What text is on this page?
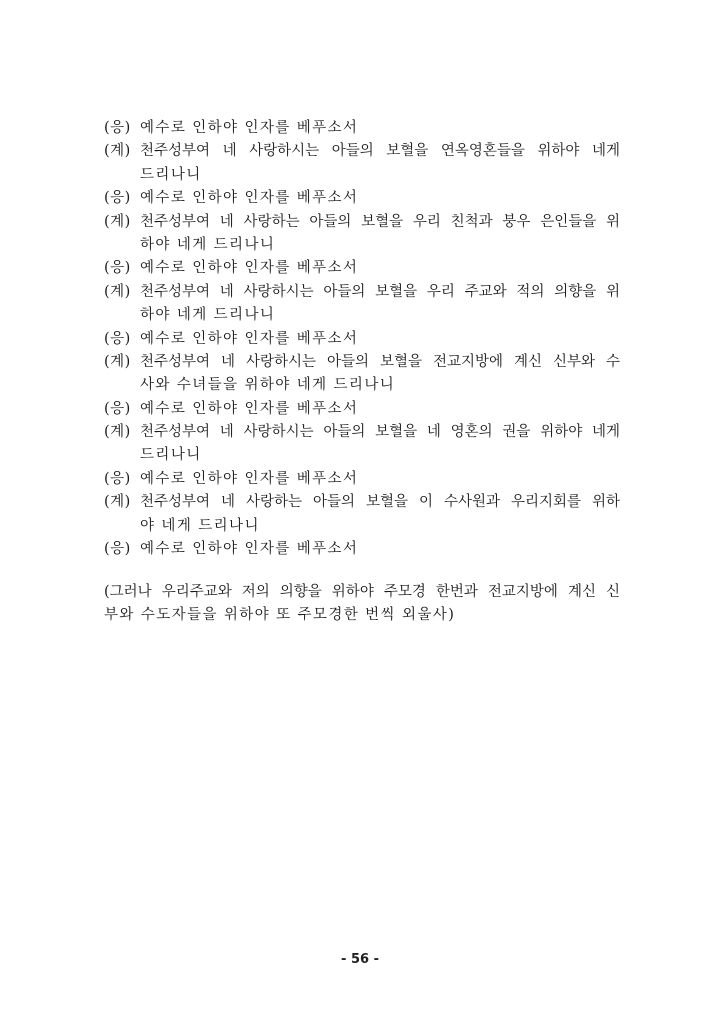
(응) 예수로 인하야 인자를 베푸소서
(계) 천주성부여 네 사랑하시는 아들의 보혈을 연옥영혼들을 위하야 네게
드리나니
(응) 예수로 인하야 인자를 베푸소서
(계) 천주성부여 네 사랑하는 아들의 보혈을 우리 친척과 붕우 은인들을 위
하야 네게 드리나니
(응) 예수로 인하야 인자를 베푸소서
(계) 천주성부여 네 사랑하시는 아들의 보혈을 우리 주교와 적의 의향을 위
하야 네게 드리나니
(응) 예수로 인하야 인자를 베푸소서
(계) 천주성부여 네 사랑하시는 아들의 보혈을 전교지방에 계신 신부와 수
사와 수녀들을 위하야 네게 드리나니
(응) 예수로 인하야 인자를 베푸소서
(계) 천주성부여 네 사랑하시는 아들의 보혈을 네 영혼의 권을 위하야 네게
드리나니
(응) 예수로 인하야 인자를 베푸소서
(계) 천주성부여 네 사랑하는 아들의 보혈을 이 수사원과 우리지회를 위하
야 네게 드리나니
(응) 예수로 인하야 인자를 베푸소서
(그러나 우리주교와 저의 의향을 위하야 주모경 한번과 전교지방에 계신 신
부와 수도자들을 위하야 또 주모경한 번씩 외울사)
- 56 -
